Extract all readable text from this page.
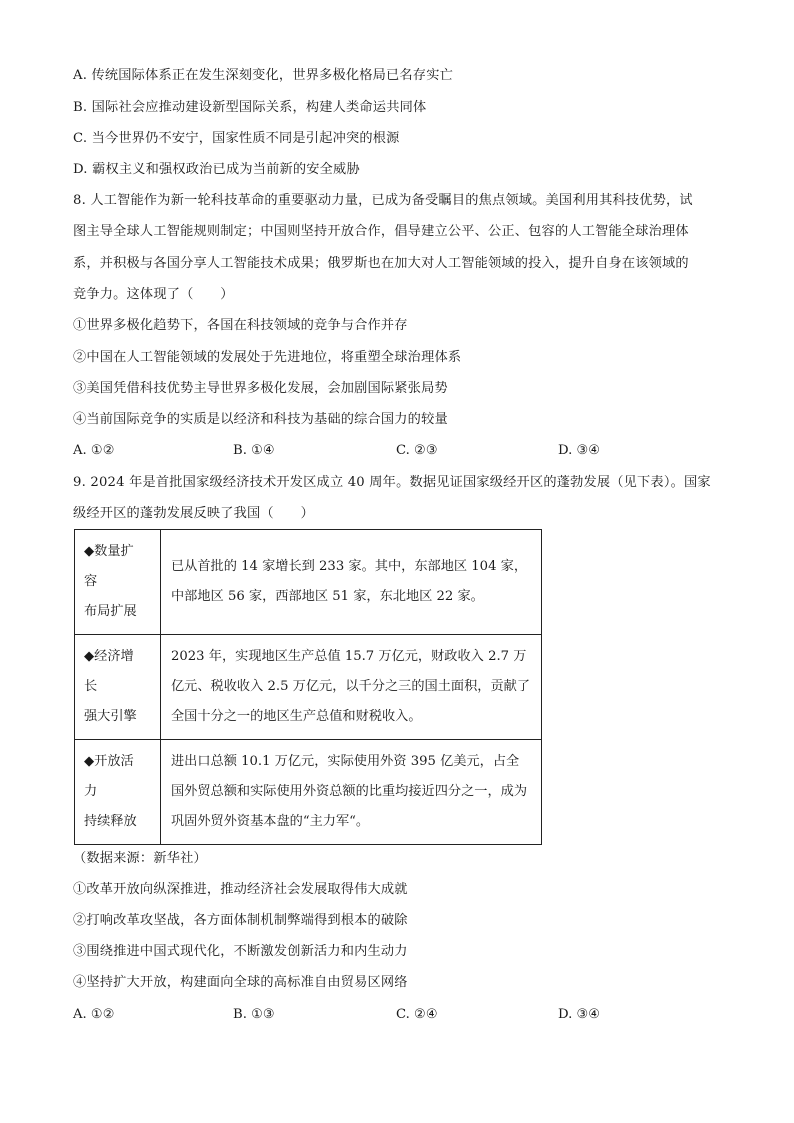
A. 传统国际体系正在发生深刻变化，世界多极化格局已名存实亡
B. 国际社会应推动建设新型国际关系，构建人类命运共同体
C. 当今世界仍不安宁，国家性质不同是引起冲突的根源
D. 霸权主义和强权政治已成为当前新的安全威胁
8. 人工智能作为新一轮科技革命的重要驱动力量，已成为备受瞩目的焦点领域。美国利用其科技优势，试
图主导全球人工智能规则制定；中国则坚持开放合作，倡导建立公平、公正、包容的人工智能全球治理体
系，并积极与各国分享人工智能技术成果；俄罗斯也在加大对人工智能领域的投入，提升自身在该领域的
竞争力。这体现了（　　）
①世界多极化趋势下，各国在科技领域的竞争与合作并存
②中国在人工智能领域的发展处于先进地位，将重塑全球治理体系
③美国凭借科技优势主导世界多极化发展，会加剧国际紧张局势
④当前国际竞争的实质是以经济和科技为基础的综合国力的较量
A. ①②	B. ①④	C. ②③	D. ③④
9. 2024 年是首批国家级经济技术开发区成立 40 周年。数据见证国家级经开区的蓬勃发展（见下表）。国家
级经开区的蓬勃发展反映了我国（　　）
◆数量扩
容
布局扩展	已从首批的 14 家增长到 233 家。其中，东部地区 104 家，中部地区 56 家，西部地区 51 家，东北地区 22 家。
◆经济增
长
强大引擎	2023 年，实现地区生产总值 15.7 万亿元，财政收入 2.7 万亿元、税收收入 2.5 万亿元，以千分之三的国土面积，贡献了全国十分之一的地区生产总值和财税收入。
◆开放活
力
持续释放	进出口总额 10.1 万亿元，实际使用外资 395 亿美元，占全国外贸总额和实际使用外资总额的比重均接近四分之一，成为巩固外贸外资基本盘的“主力军“。
（数据来源：新华社）
①改革开放向纵深推进，推动经济社会发展取得伟大成就
②打响改革攻坚战，各方面体制机制弊端得到根本的破除
③围绕推进中国式现代化，不断激发创新活力和内生动力
④坚持扩大开放，构建面向全球的高标准自由贸易区网络
A. ①②	B. ①③	C. ②④	D. ③④
